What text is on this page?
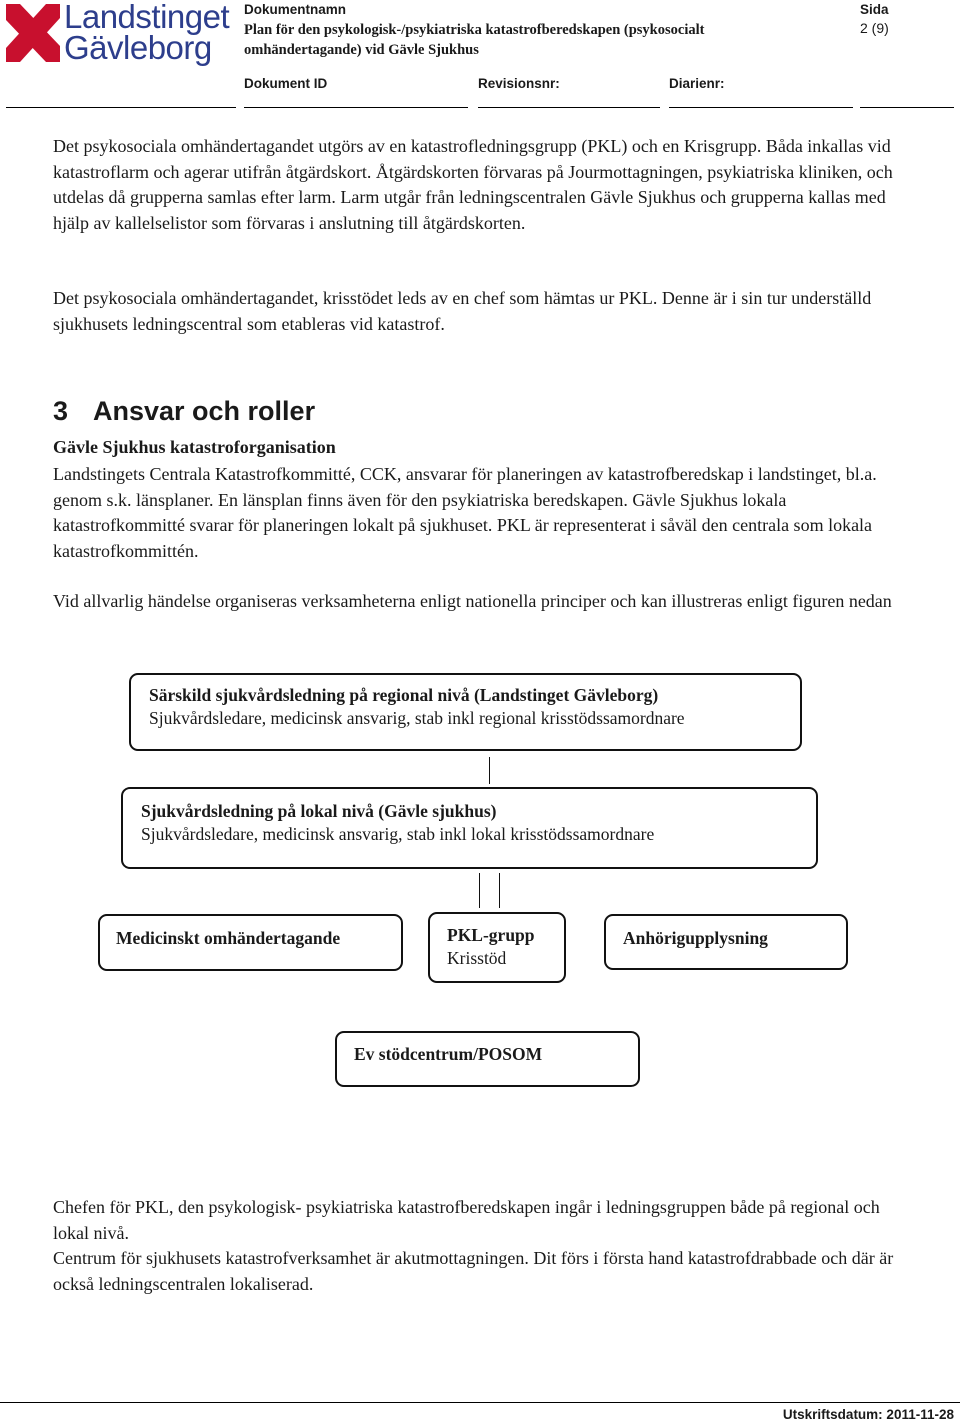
Landstinget
Gävleborg
Dokumentnamn
Plan för den psykologisk-/psykiatriska katastrofberedskapen (psykosocialt omhändertagande) vid Gävle Sjukhus
Sida
2 (9)
Dokument ID	Revisionsnr:	Diarienr:
Det psykosociala omhändertagandet utgörs av en katastrofledningsgrupp (PKL) och en Krisgrupp. Båda inkallas vid katastroflarm och agerar utifrån åtgärdskort. Åtgärdskorten förvaras på Jourmottagningen, psykiatriska kliniken, och utdelas då grupperna samlas efter larm. Larm utgår från ledningscentralen Gävle Sjukhus och grupperna kallas med hjälp av kallelselistor som förvaras i anslutning till åtgärdskorten.
Det psykosociala omhändertagandet, krisstödet leds av en chef som hämtas ur PKL. Denne är i sin tur underställd sjukhusets ledningscentral som etableras vid katastrof.
3 Ansvar och roller
Gävle Sjukhus katastroforganisation
Landstingets Centrala Katastrofkommitté, CCK, ansvarar för planeringen av katastrofberedskap i landstinget, bl.a. genom s.k. länsplaner. En länsplan finns även för den psykiatriska beredskapen. Gävle Sjukhus lokala katastrofkommitté svarar för planeringen lokalt på sjukhuset. PKL är representerat i såväl den centrala som lokala katastrofkommittén.
Vid allvarlig händelse organiseras verksamheterna enligt nationella principer och kan illustreras enligt figuren nedan
Särskild sjukvårdsledning på regional nivå (Landstinget Gävleborg)
Sjukvårdsledare, medicinsk ansvarig, stab inkl regional krisstödssamordnare
Sjukvårdsledning på lokal nivå (Gävle sjukhus)
Sjukvårdsledare, medicinsk ansvarig, stab inkl lokal krisstödssamordnare
Medicinskt omhändertagande	PKL-grupp
Krisstöd
Anhörigupplysning
Ev stödcentrum/POSOM
Chefen för PKL, den psykologisk- psykiatriska katastrofberedskapen ingår i ledningsgruppen både på regional och lokal nivå.
Centrum för sjukhusets katastrofverksamhet är akutmottagningen. Dit förs i första hand katastrofdrabbade och där är också ledningscentralen lokaliserad.
Utskriftsdatum: 2011-11-28
